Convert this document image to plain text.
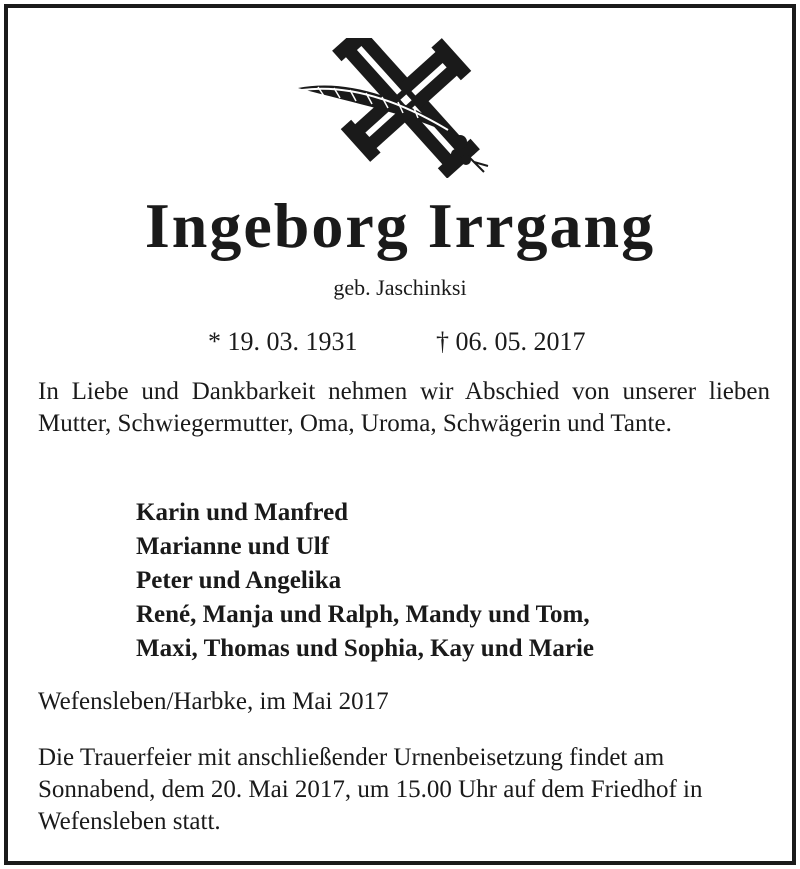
Ingeborg Irrgang
geb. Jaschinksi
* 19. 03. 1931	† 06. 05. 2017
In Liebe und Dankbarkeit nehmen wir Abschied von unserer lieben Mutter, Schwiegermutter, Oma, Uroma, Schwägerin und Tante.
Karin und Manfred
Marianne und Ulf
Peter und Angelika
René, Manja und Ralph, Mandy und Tom,
Maxi, Thomas und Sophia, Kay und Marie
Wefensleben/Harbke, im Mai 2017
Die Trauerfeier mit anschließender Urnenbeisetzung findet am Sonnabend, dem 20. Mai 2017, um 15.00 Uhr auf dem Friedhof in Wefensleben statt.
